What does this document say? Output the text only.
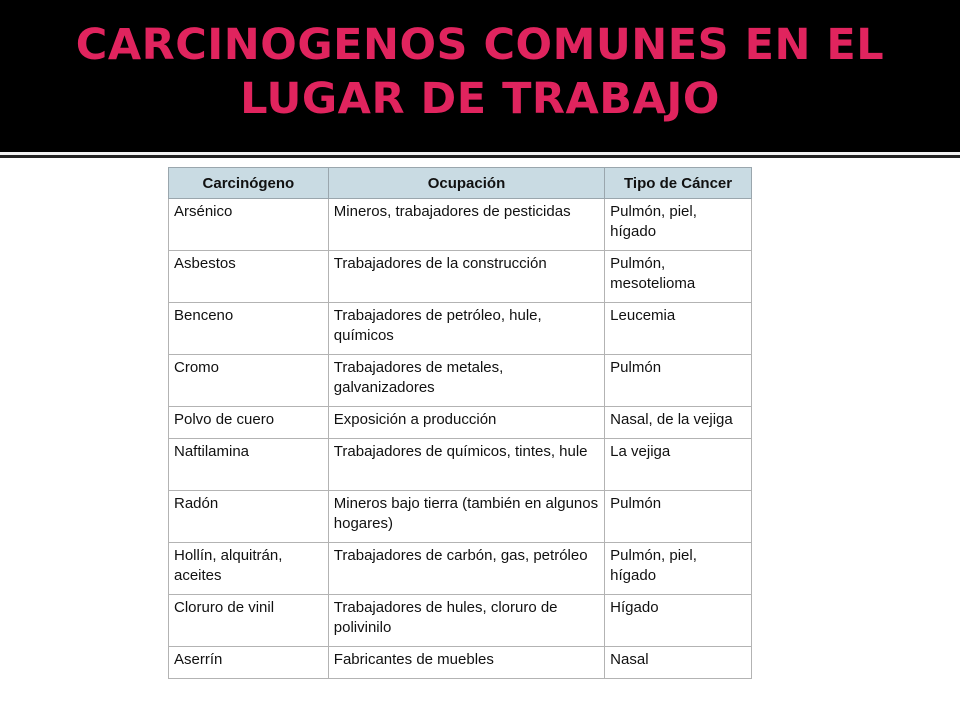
CARCINOGENOS COMUNES EN EL
LUGAR DE TRABAJO
Carcinógeno	Ocupación	Tipo de Cáncer
Arsénico	Mineros, trabajadores de pesticidas	Pulmón, piel, hígado
Asbestos	Trabajadores de la construcción	Pulmón, mesotelioma
Benceno	Trabajadores de petróleo, hule, químicos	Leucemia
Cromo	Trabajadores de metales, galvanizadores	Pulmón
Polvo de cuero	Exposición a producción	Nasal, de la vejiga
Naftilamina	Trabajadores de químicos, tintes, hule	La vejiga
Radón	Mineros bajo tierra (también en algunos hogares)	Pulmón
Hollín, alquitrán, aceites	Trabajadores de carbón, gas, petróleo	Pulmón, piel, hígado
Cloruro de vinil	Trabajadores de hules, cloruro de polivinilo	Hígado
Aserrín	Fabricantes de muebles	Nasal
